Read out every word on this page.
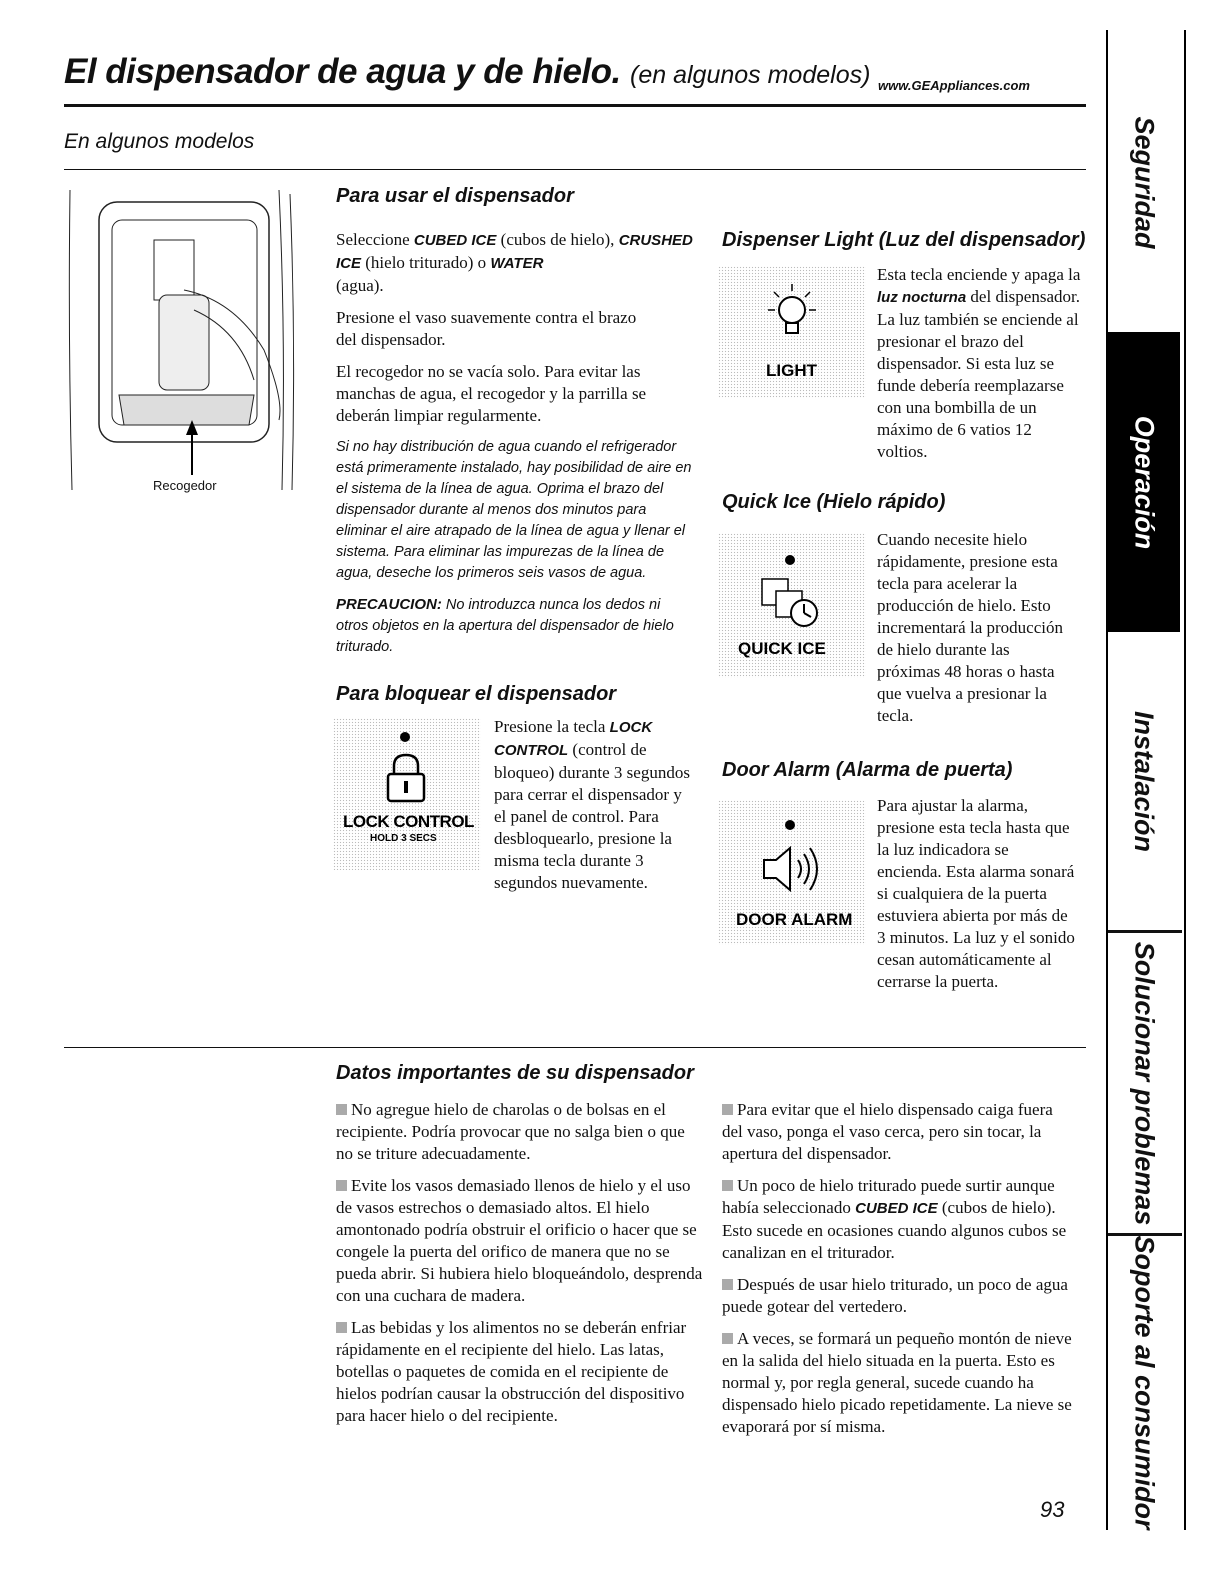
El dispensador de agua y de hielo. (en algunos modelos) www.GEAppliances.com
En algunos modelos
Recogedor
Para usar el dispensador

Seleccione CUBED ICE (cubos de hielo), CRUSHED ICE (hielo triturado) o WATER
(agua).

Presione el vaso suavemente contra el brazo del dispensador.

El recogedor no se vacía solo. Para evitar las manchas de agua, el recogedor y la parrilla se deberán limpiar regularmente.

Si no hay distribución de agua cuando el refrigerador está primeramente instalado, hay posibilidad de aire en el sistema de la línea de agua. Oprima el brazo del dispensador durante al menos dos minutos para eliminar el aire atrapado de la línea de agua y llenar el sistema. Para eliminar las impurezas de la línea de agua, deseche los primeros seis vasos de agua.

PRECAUCION: No introduzca nunca los dedos ni otros objetos en la apertura del dispensador de hielo triturado.

Para bloquear el dispensador
LOCK CONTROL
HOLD 3 SECS
Presione la tecla LOCK CONTROL (control de bloqueo) durante 3 segundos para cerrar el dispensador y el panel de control. Para desbloquearlo, presione la misma tecla durante 3 segundos nuevamente.
Dispenser Light (Luz del dispensador)
LIGHT
Esta tecla enciende y apaga la luz nocturna del dispensador. La luz también se enciende al presionar el brazo del dispensador. Si esta luz se funde debería reemplazarse con una bombilla de un máximo de 6 vatios 12 voltios.
Quick Ice (Hielo rápido)
QUICK ICE
Cuando necesite hielo rápidamente, presione esta tecla para acelerar la producción de hielo. Esto incrementará la producción de hielo durante las próximas 48 horas o hasta que vuelva a presionar la tecla.
Door Alarm (Alarma de puerta)
DOOR ALARM
Para ajustar la alarma, presione esta tecla hasta que la luz indicadora se encienda. Esta alarma sonará si cualquiera de la puerta estuviera abierta por más de 3 minutos. La luz y el sonido cesan automáticamente al cerrarse la puerta.
Datos importantes de su dispensador

No agregue hielo de charolas o de bolsas en el recipiente. Podría provocar que no salga bien o que no se triture adecuadamente.

Evite los vasos demasiado llenos de hielo y el uso de vasos estrechos o demasiado altos. El hielo amontonado podría obstruir el orificio o hacer que se congele la puerta del orifico de manera que no se pueda abrir. Si hubiera hielo bloqueándolo, desprenda con una cuchara de madera.

Las bebidas y los alimentos no se deberán enfriar rápidamente en el recipiente del hielo. Las latas, botellas o paquetes de comida en el recipiente de hielos podrían causar la obstrucción del dispositivo para hacer hielo o del recipiente.

Para evitar que el hielo dispensado caiga fuera del vaso, ponga el vaso cerca, pero sin tocar, la apertura del dispensador.

Un poco de hielo triturado puede surtir aunque había seleccionado CUBED ICE (cubos de hielo). Esto sucede en ocasiones cuando algunos cubos se canalizan en el triturador.

Después de usar hielo triturado, un poco de agua puede gotear del vertedero.

A veces, se formará un pequeño montón de nieve en la salida del hielo situada en la puerta. Esto es normal y, por regla general, sucede cuando ha dispensado hielo picado repetidamente. La nieve se evaporará por sí misma.

93
Seguridad
Operación
Instalación
Solucionar problemas
Soporte al consumidor
